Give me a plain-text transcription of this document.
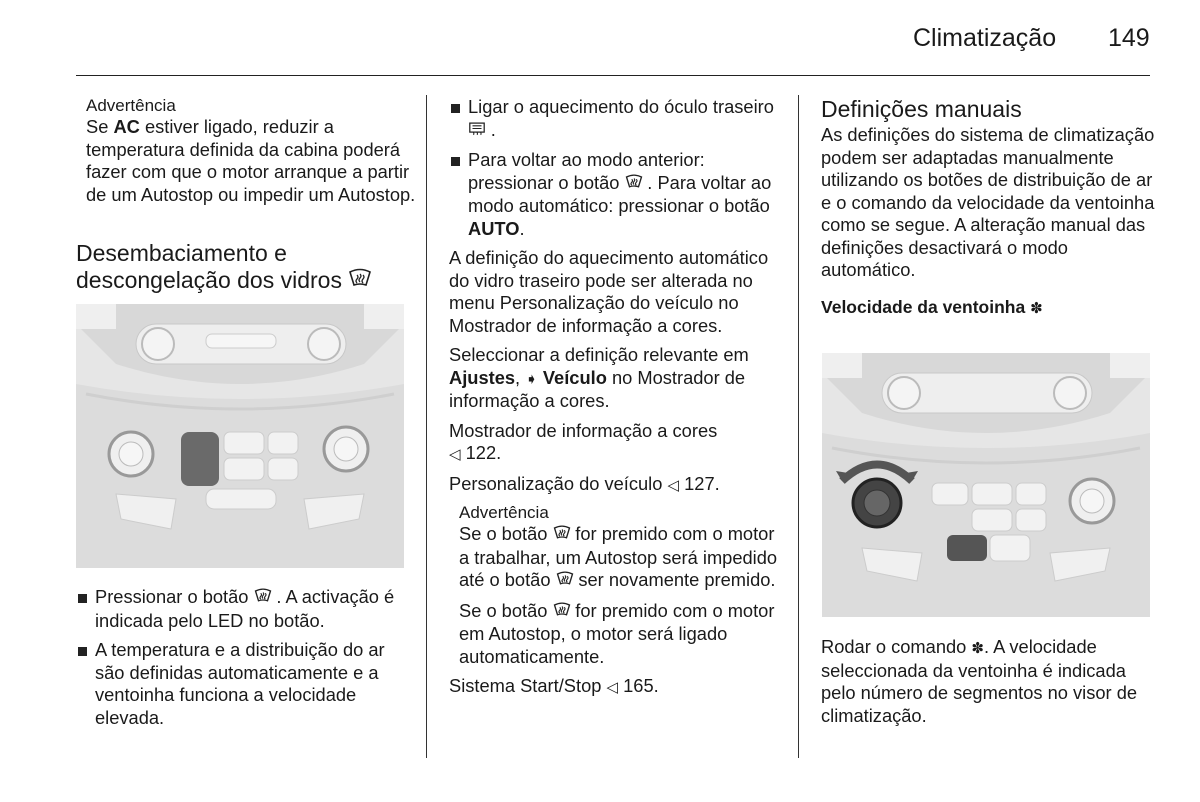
Climatização 149
Advertência

Se AC estiver ligado, reduzir a temperatura definida da cabina poderá fazer com que o motor arranque a partir de um Autostop ou impedir um Autostop.

Desembaciamento e
descongelação dos vidros
Pressionar o botão  . A activação é indicada pelo LED no botão.
A temperatura e a distribuição do ar são definidas automaticamente e a ventoinha funciona a velocidade elevada.
Ligar o aquecimento do óculo traseiro  .
Para voltar ao modo anterior: pressionar o botão  . Para voltar ao modo automático: pressionar o botão AUTO.

A definição do aquecimento automático do vidro traseiro pode ser alterada no menu Personalização do veículo no Mostrador de informação a cores.

Seleccionar a definição relevante em Ajustes, ➧ Veículo no Mostrador de informação a cores.

Mostrador de informação a cores
◁ 122.

Personalização do veículo ◁ 127.

Advertência

Se o botão  for premido com o motor a trabalhar, um Autostop será impedido até o botão  ser novamente premido.

Se o botão  for premido com o motor em Autostop, o motor será ligado automaticamente.

Sistema Start/Stop ◁ 165.

Definições manuais

As definições do sistema de climatização podem ser adaptadas manualmente utilizando os botões de distribuição de ar e o comando da velocidade da ventoinha como se segue. A alteração manual das definições desactivará o modo automático.

Velocidade da ventoinha ✽

Rodar o comando ✽. A velocidade seleccionada da ventoinha é indicada pelo número de segmentos no visor de climatização.
